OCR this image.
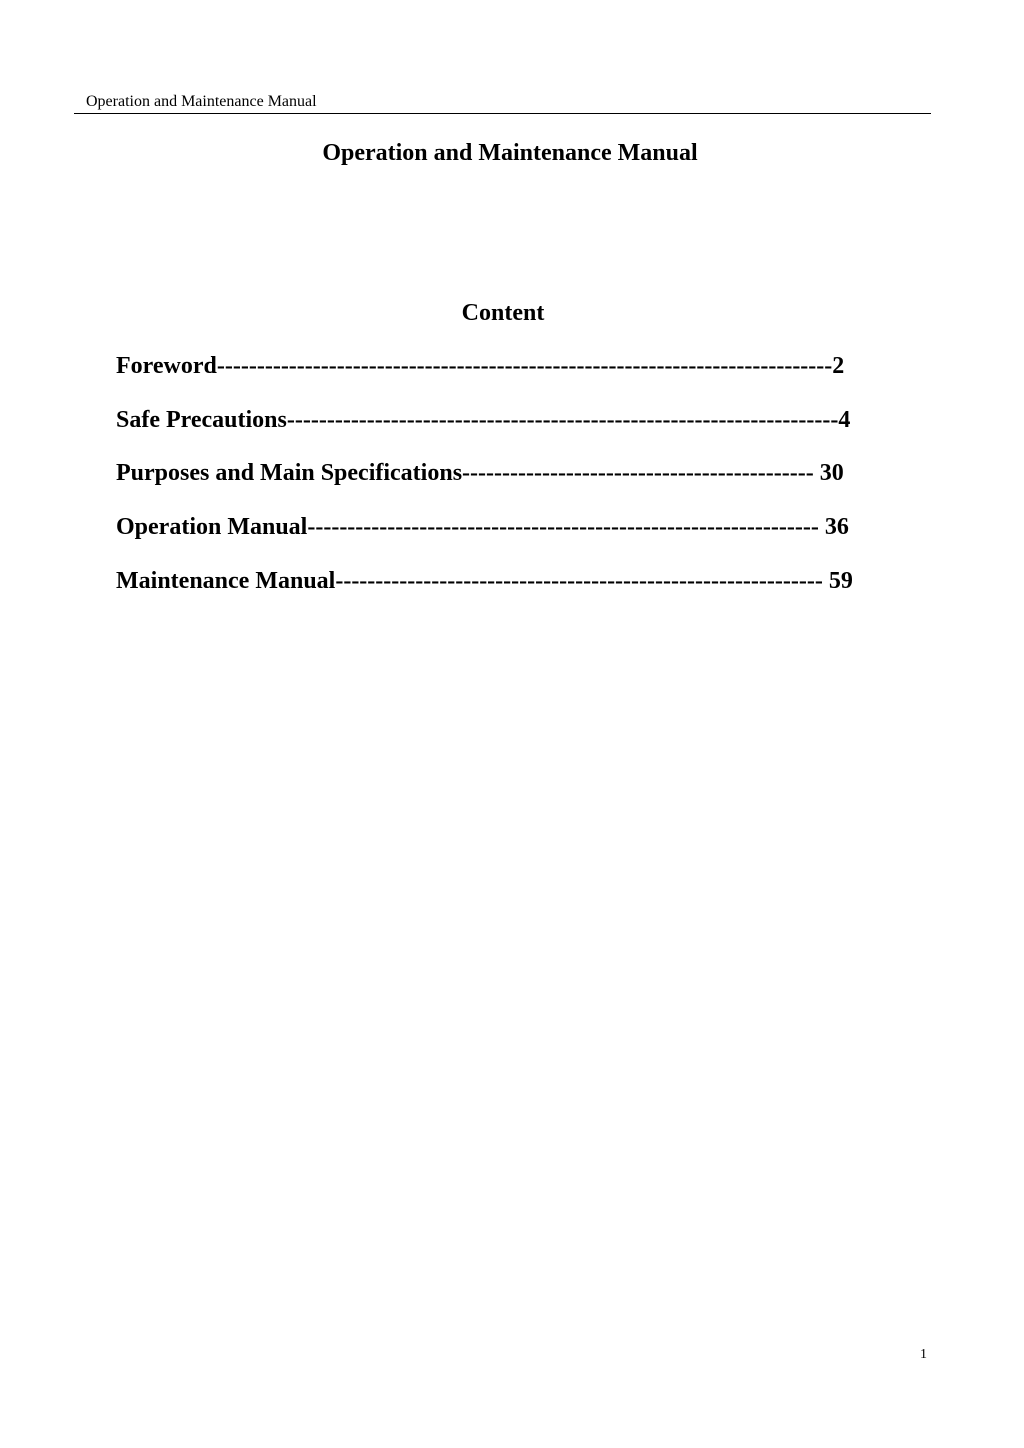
Operation and Maintenance Manual
Operation and Maintenance Manual
Content
Foreword-----------------------------------------------------------------------------2
Safe Precautions---------------------------------------------------------------------4
Purposes and Main Specifications-------------------------------------------- 30
Operation Manual---------------------------------------------------------------- 36
Maintenance Manual------------------------------------------------------------- 59
1
